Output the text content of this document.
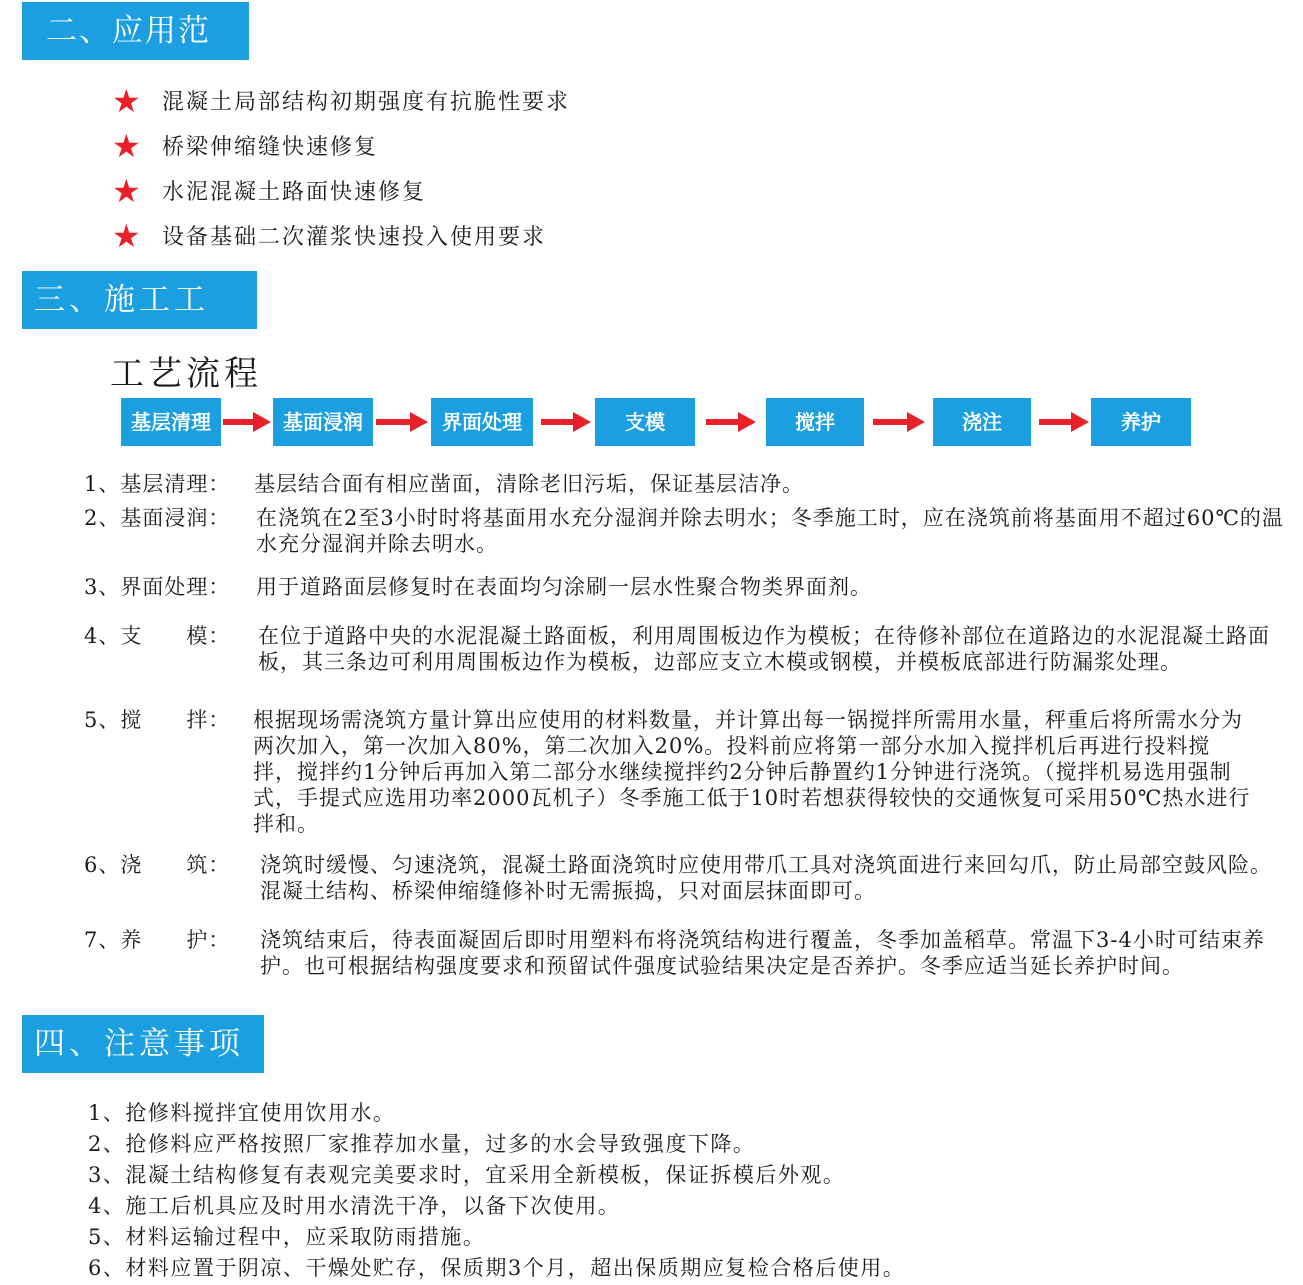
二、应用范围	★ 混凝土局部结构初期强度有抗脆性要求
★ 桥梁伸缩缝快速修复
★ 水泥混凝土路面快速修复
★ 设备基础二次灌浆快速投入使用要求
三、施工工艺	工艺流程
基层清理	基面浸润	界面处理	支模	搅拌	浇注	养护
1、基层清理： 基层结合面有相应凿面，清除老旧污垢，保证基层洁净。
2、基面浸润： 在浇筑在2至3小时时将基面用水充分湿润并除去明水；冬季施工时，应在浇筑前将基面用不超过60℃的温水充分湿润并除去明水。
3、界面处理： 用于道路面层修复时在表面均匀涂刷一层水性聚合物类界面剂。
4、支　　模： 在位于道路中央的水泥混凝土路面板，利用周围板边作为模板；在待修补部位在道路边的水泥混凝土路面板，其三条边可利用周围板边作为模板，边部应支立木模或钢模，并模板底部进行防漏浆处理。
5、搅　　拌： 根据现场需浇筑方量计算出应使用的材料数量，并计算出每一锅搅拌所需用水量，秤重后将所需水分为两次加入，第一次加入80%，第二次加入20%。投料前应将第一部分水加入搅拌机后再进行投料搅拌，搅拌约1分钟后再加入第二部分水继续搅拌约2分钟后静置约1分钟进行浇筑。（搅拌机易选用强制式，手提式应选用功率2000瓦机子）冬季施工低于10时若想获得较快的交通恢复可采用50℃热水进行拌和。
6、浇　　筑： 浇筑时缓慢、匀速浇筑，混凝土路面浇筑时应使用带爪工具对浇筑面进行来回勾爪，防止局部空鼓风险。混凝土结构、桥梁伸缩缝修补时无需振捣，只对面层抹面即可。
7、养　　护： 浇筑结束后，待表面凝固后即时用塑料布将浇筑结构进行覆盖，冬季加盖稻草。常温下3-4小时可结束养护。也可根据结构强度要求和预留试件强度试验结果决定是否养护。冬季应适当延长养护时间。
四、注意事项
1、抢修料搅拌宜使用饮用水。
2、抢修料应严格按照厂家推荐加水量，过多的水会导致强度下降。
3、混凝土结构修复有表观完美要求时，宜采用全新模板，保证拆模后外观。
4、施工后机具应及时用水清洗干净，以备下次使用。
5、材料运输过程中，应采取防雨措施。
6、材料应置于阴凉、干燥处贮存，保质期3个月，超出保质期应复检合格后使用。
